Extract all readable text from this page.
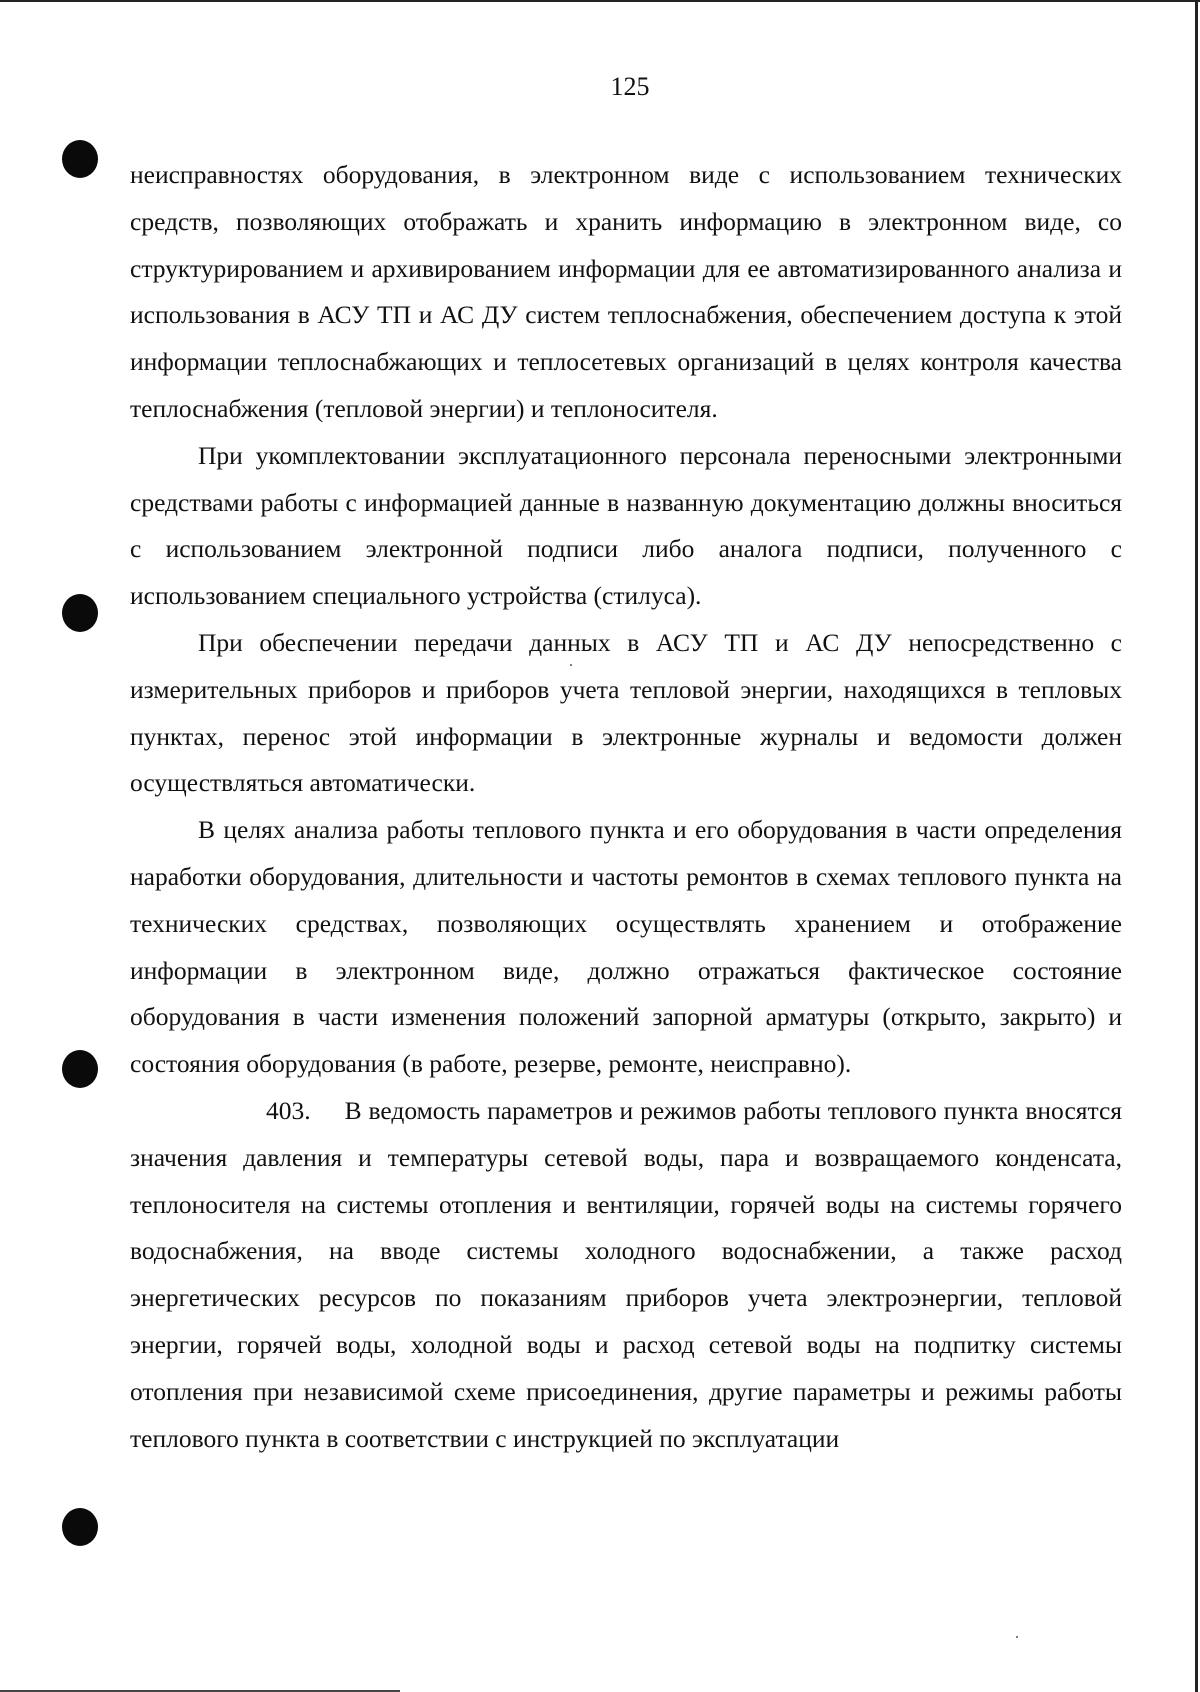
125

неисправностях оборудования, в электронном виде с использованием технических средств, позволяющих отображать и хранить информацию в электронном виде, со структурированием и архивированием информации для ее автоматизированного анализа и использования в АСУ ТП и АС ДУ систем теплоснабжения, обеспечением доступа к этой информации теплоснабжающих и теплосетевых организаций в целях контроля качества теплоснабжения (тепловой энергии) и теплоносителя.

При укомплектовании эксплуатационного персонала переносными электронными средствами работы с информацией данные в названную документацию должны вноситься с использованием электронной подписи либо аналога подписи, полученного с использованием специального устройства (стилуса).

При обеспечении передачи данных в АСУ ТП и АС ДУ непосредственно с измерительных приборов и приборов учета тепловой энергии, находящихся в тепловых пунктах, перенос этой информации в электронные журналы и ведомости должен осуществляться автоматически.

В целях анализа работы теплового пункта и его оборудования в части определения наработки оборудования, длительности и частоты ремонтов в схемах теплового пункта на технических средствах, позволяющих осуществлять хранением и отображение информации в электронном виде, должно отражаться фактическое состояние оборудования в части изменения положений запорной арматуры (открыто, закрыто) и состояния оборудования (в работе, резерве, ремонте, неисправно).

403. В ведомость параметров и режимов работы теплового пункта вносятся значения давления и температуры сетевой воды, пара и возвращаемого конденсата, теплоносителя на системы отопления и вентиляции, горячей воды на системы горячего водоснабжения, на вводе системы холодного водоснабжении, а также расход энергетических ресурсов по показаниям приборов учета электроэнергии, тепловой энергии, горячей воды, холодной воды и расход сетевой воды на подпитку системы отопления при независимой схеме присоединения, другие параметры и режимы работы теплового пункта в соответствии с инструкцией по эксплуатации
